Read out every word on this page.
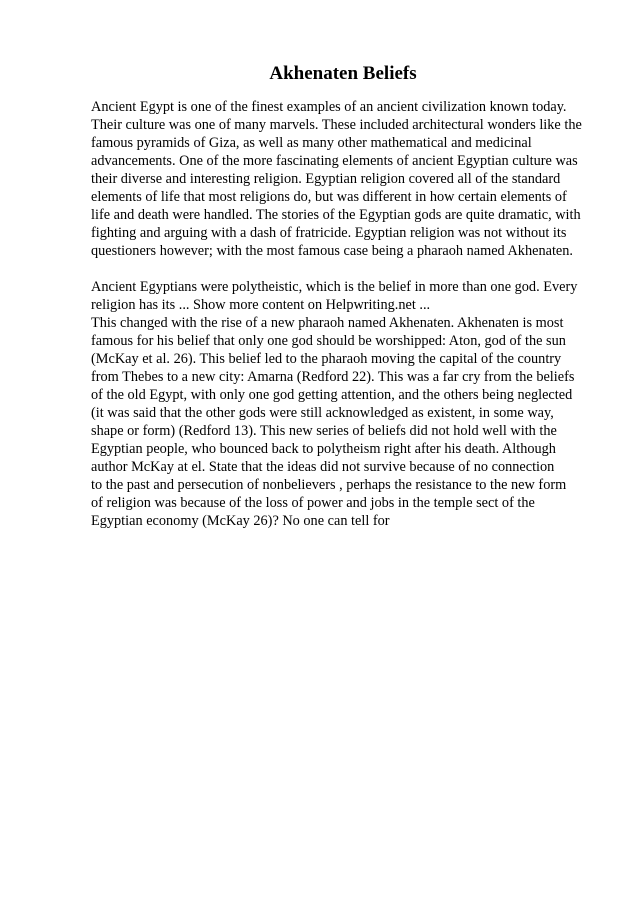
Akhenaten Beliefs
Ancient Egypt is one of the finest examples of an ancient civilization known today.
Their culture was one of many marvels. These included architectural wonders like the
famous pyramids of Giza, as well as many other mathematical and medicinal
advancements. One of the more fascinating elements of ancient Egyptian culture was
their diverse and interesting religion. Egyptian religion covered all of the standard
elements of life that most religions do, but was different in how certain elements of
life and death were handled. The stories of the Egyptian gods are quite dramatic, with
fighting and arguing with a dash of fratricide. Egyptian religion was not without its
questioners however; with the most famous case being a pharaoh named Akhenaten.
Ancient Egyptians were polytheistic, which is the belief in more than one god. Every
religion has its ... Show more content on Helpwriting.net ...
This changed with the rise of a new pharaoh named Akhenaten. Akhenaten is most
famous for his belief that only one god should be worshipped: Aton, god of the sun
(McKay et al. 26). This belief led to the pharaoh moving the capital of the country
from Thebes to a new city: Amarna (Redford 22). This was a far cry from the beliefs
of the old Egypt, with only one god getting attention, and the others being neglected
(it was said that the other gods were still acknowledged as existent, in some way,
shape or form) (Redford 13). This new series of beliefs did not hold well with the
Egyptian people, who bounced back to polytheism right after his death. Although
author McKay at el. State that the ideas did not survive because of no connection
to the past and persecution of nonbelievers , perhaps the resistance to the new form
of religion was because of the loss of power and jobs in the temple sect of the
Egyptian economy (McKay 26)? No one can tell for
